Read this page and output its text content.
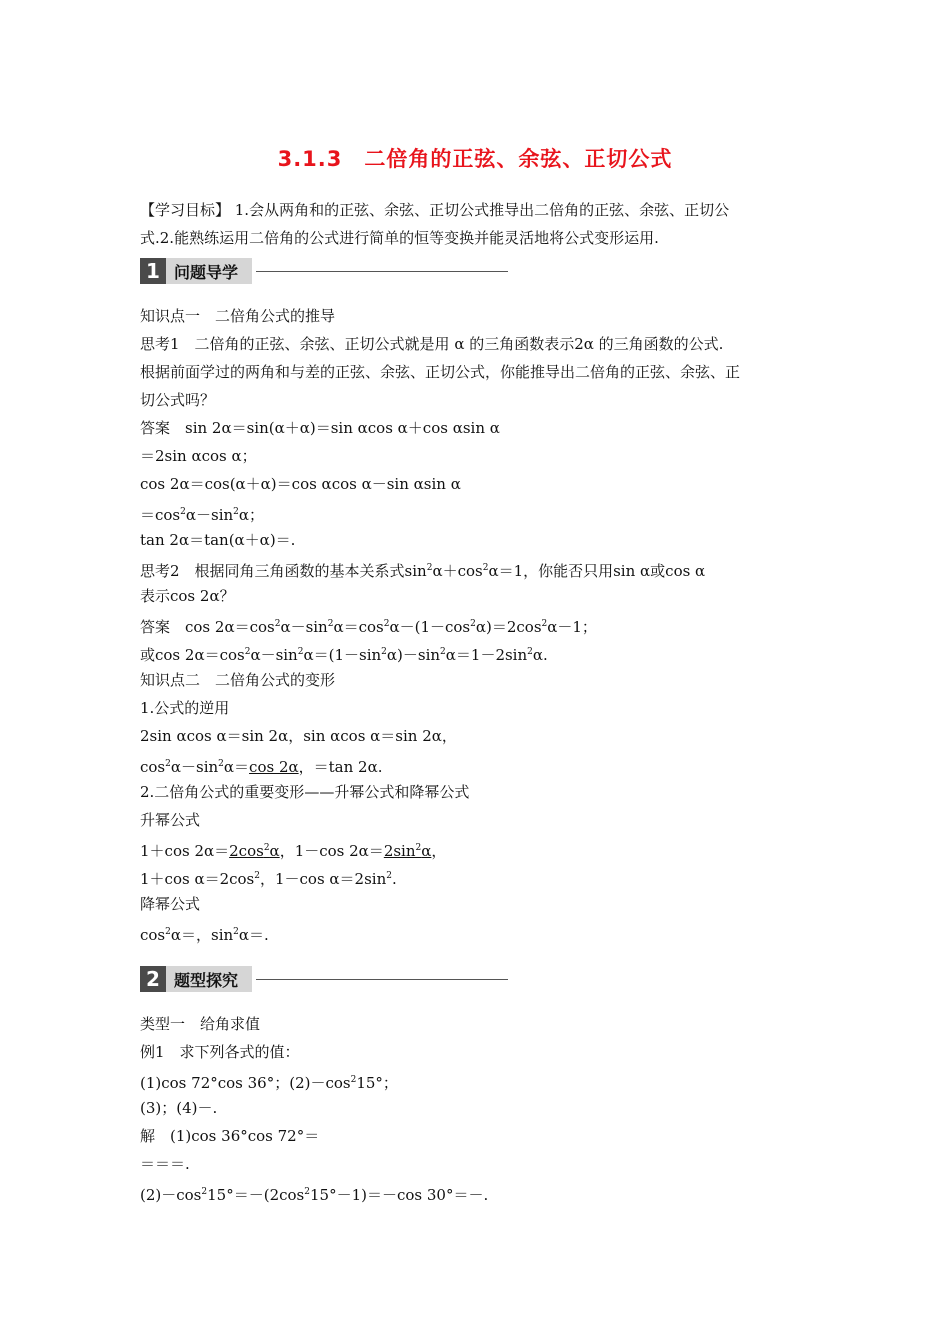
3.1.3　二倍角的正弦、余弦、正切公式
【学习目标】 1.会从两角和的正弦、余弦、正切公式推导出二倍角的正弦、余弦、正切公
式.2.能熟练运用二倍角的公式进行简单的恒等变换并能灵活地将公式变形运用.
1 问题导学
知识点一　二倍角公式的推导
思考1　二倍角的正弦、余弦、正切公式就是用 α 的三角函数表示2α 的三角函数的公式.
根据前面学过的两角和与差的正弦、余弦、正切公式，你能推导出二倍角的正弦、余弦、正
切公式吗？
答案　sin 2α＝sin(α＋α)＝sin αcos α＋cos αsin α
＝2sin αcos α；
cos 2α＝cos(α＋α)＝cos αcos α－sin αsin α
$=\cos^2\alpha-\sin^2\alpha$；
tan 2α＝tan(α＋α)＝.
思考2　根据同角三角函数的基本关系式$\sin^2\alpha+\cos^2\alpha=1$，你能否只用sin α或cos α
表示cos 2α？
答案　$\cos 2\alpha=\cos^2\alpha-\sin^2\alpha=\cos^2\alpha-(1-\cos^2\alpha)=2\cos^2\alpha-1$；
或$\cos 2\alpha=\cos^2\alpha-\sin^2\alpha=(1-\sin^2\alpha)-\sin^2\alpha=1-2\sin^2\alpha$.
知识点二　二倍角公式的变形
1.公式的逆用
2sin αcos α＝sin 2α，sin αcos α＝sin 2α，
$\cos^2\alpha-\sin^2\alpha=\cos$ 2α，＝tan 2α.
2.二倍角公式的重要变形——升幂公式和降幂公式
升幂公式
1＋cos $2\alpha=2\cos^2\alpha$，1－cos $2\alpha=2\sin^2\alpha$，
1＋cos $\alpha=2\cos^2$，1－cos $\alpha=2\sin^2$.
降幂公式
$\cos^2\alpha=$，$\sin^2\alpha=$.
2 题型探究
类型一　给角求值
例1　求下列各式的值：
(1)cos 72°cos 36°；$(2)-\cos^215^\circ$；
(3)；(4)－.
解　(1)cos 36°cos 72°＝
＝＝＝.
$(2)-\cos^215^\circ=-(2\cos^215^\circ-1)=-\cos$ 30°＝－.
